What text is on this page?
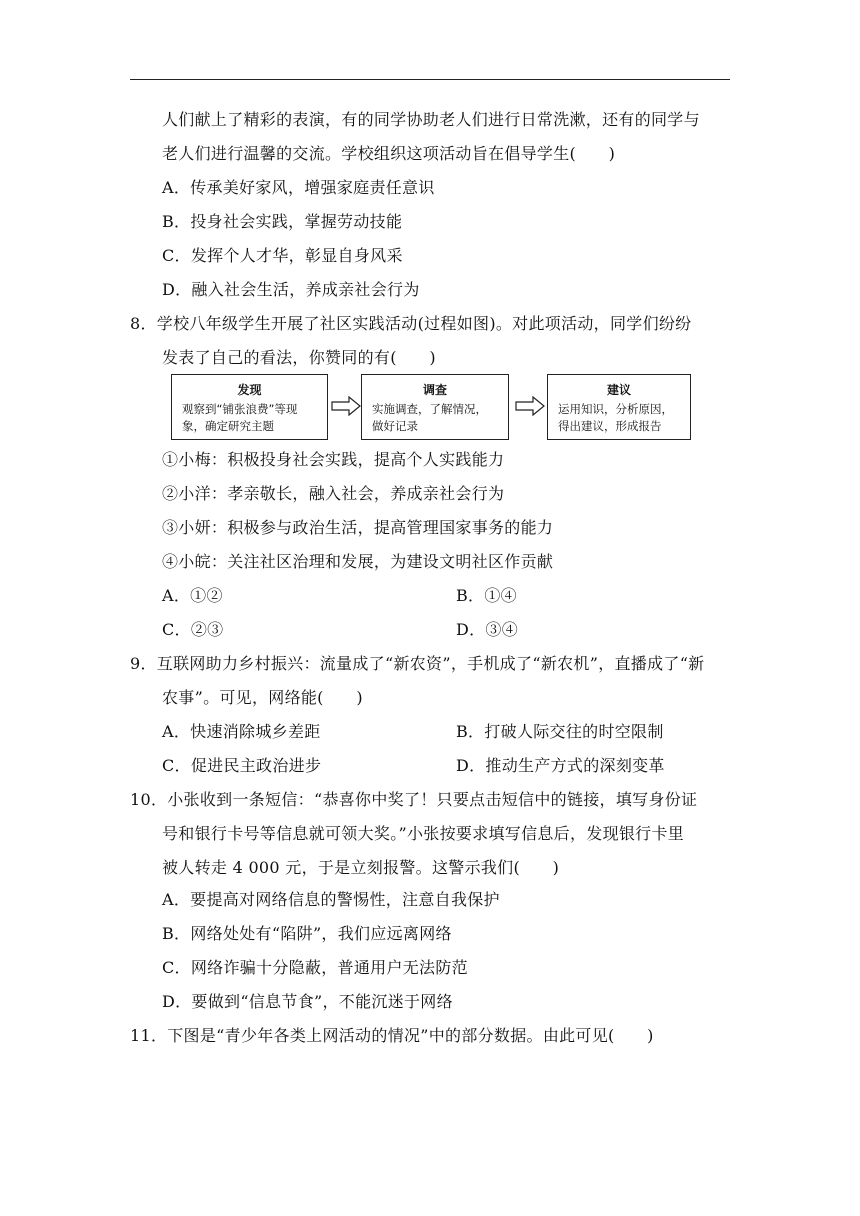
人们献上了精彩的表演，有的同学协助老人们进行日常洗漱，还有的同学与
老人们进行温馨的交流。学校组织这项活动旨在倡导学生(　　)
A．传承美好家风，增强家庭责任意识
B．投身社会实践，掌握劳动技能
C．发挥个人才华，彰显自身风采
D．融入社会生活，养成亲社会行为
8．学校八年级学生开展了社区实践活动(过程如图)。对此项活动，同学们纷纷
发表了自己的看法，你赞同的有(　　)
发现
观察到“铺张浪费”等现
象，确定研究主题
调查
实施调查，了解情况，
做好记录
建议
运用知识，分析原因，
得出建议，形成报告
①小梅：积极投身社会实践，提高个人实践能力
②小洋：孝亲敬长，融入社会，养成亲社会行为
③小妍：积极参与政治生活，提高管理国家事务的能力
④小皖：关注社区治理和发展，为建设文明社区作贡献
A．①②	B．①④
C．②③	D．③④
9．互联网助力乡村振兴：流量成了“新农资”，手机成了“新农机”，直播成了“新
农事”。可见，网络能(　　)
A．快速消除城乡差距	B．打破人际交往的时空限制
C．促进民主政治进步	D．推动生产方式的深刻变革
10．小张收到一条短信：“恭喜你中奖了！只要点击短信中的链接，填写身份证
号和银行卡号等信息就可领大奖。”小张按要求填写信息后，发现银行卡里
被人转走 4 000 元，于是立刻报警。这警示我们(　　)
A．要提高对网络信息的警惕性，注意自我保护
B．网络处处有“陷阱”，我们应远离网络
C．网络诈骗十分隐蔽，普通用户无法防范
D．要做到“信息节食”，不能沉迷于网络
11．下图是“青少年各类上网活动的情况”中的部分数据。由此可见(　　)
